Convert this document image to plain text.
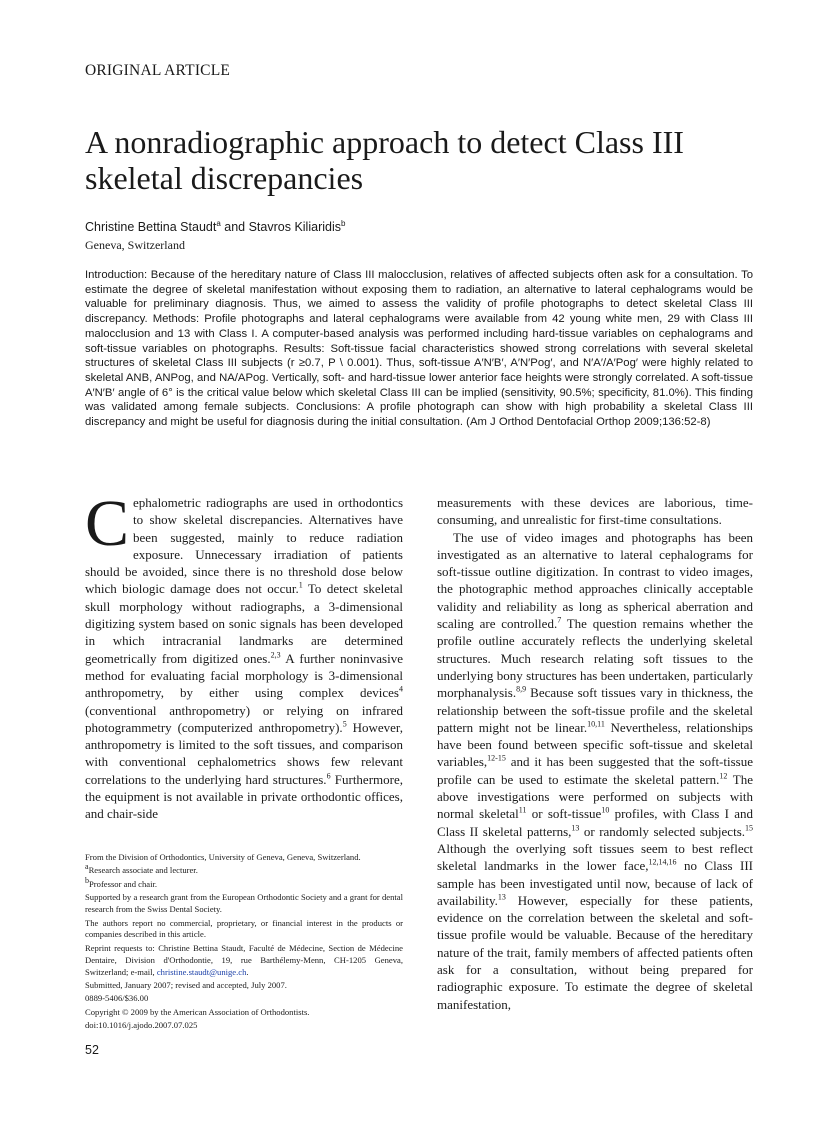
ORIGINAL ARTICLE
A nonradiographic approach to detect Class III
skeletal discrepancies
Christine Bettina Staudt$^a$ and Stavros Kiliaridis$^b$
Geneva, Switzerland
Introduction: Because of the hereditary nature of Class III malocclusion, relatives of affected subjects often ask for a consultation. To estimate the degree of skeletal manifestation without exposing them to radiation, an alternative to lateral cephalograms would be valuable for preliminary diagnosis. Thus, we aimed to assess the validity of profile photographs to detect skeletal Class III discrepancy. Methods: Profile photographs and lateral cephalograms were available from 42 young white men, 29 with Class III malocclusion and 13 with Class I. A computer-based analysis was performed including hard-tissue variables on cephalograms and soft-tissue variables on photographs. Results: Soft-tissue facial characteristics showed strong correlations with several skeletal structures of skeletal Class III subjects (r ≥0.7, P \ 0.001). Thus, soft-tissue A′N′B′, A′N′Pog′, and N′A′/A′Pog′ were highly related to skeletal ANB, ANPog, and NA/APog. Vertically, soft- and hard-tissue lower anterior face heights were strongly correlated. A soft-tissue A′N′B′ angle of 6° is the critical value below which skeletal Class III can be implied (sensitivity, 90.5%; specificity, 81.0%). This finding was validated among female subjects. Conclusions: A profile photograph can show with high probability a skeletal Class III discrepancy and might be useful for diagnosis during the initial consultation. (Am J Orthod Dentofacial Orthop 2009;136:52-8)

Cephalometric radiographs are used in orthodontics to show skeletal discrepancies. Alternatives have been suggested, mainly to reduce radiation exposure. Unnecessary irradiation of patients should be avoided, since there is no threshold dose below which biologic damage does not occur.$^1$ To detect skeletal skull morphology without radiographs, a 3-dimensional digitizing system based on sonic signals has been developed in which intracranial landmarks are determined geometrically from digitized ones.$^{2,3}$ A further noninvasive method for evaluating facial morphology is 3-dimensional anthropometry, by either using complex devices$^4$ (conventional anthropometry) or relying on infrared photogrammetry (computerized anthropometry).$^5$ However, anthropometry is limited to the soft tissues, and comparison with conventional cephalometrics shows few relevant correlations to the underlying hard structures.$^6$ Furthermore, the equipment is not available in private orthodontic offices, and chair-side

measurements with these devices are laborious, time-consuming, and unrealistic for first-time consultations.

The use of video images and photographs has been investigated as an alternative to lateral cephalograms for soft-tissue outline digitization. In contrast to video images, the photographic method approaches clinically acceptable validity and reliability as long as spherical aberration and scaling are controlled.$^7$ The question remains whether the profile outline accurately reflects the underlying skeletal structures. Much research relating soft tissues to the underlying bony structures has been undertaken, particularly morphanalysis.$^{8,9}$ Because soft tissues vary in thickness, the relationship between the soft-tissue profile and the skeletal pattern might not be linear.$^{10,11}$ Nevertheless, relationships have been found between specific soft-tissue and skeletal variables,$^{12-15}$ and it has been suggested that the soft-tissue profile can be used to estimate the skeletal pattern.$^{12}$ The above investigations were performed on subjects with normal skeletal$^{11}$ or soft-tissue$^{10}$ profiles, with Class I and Class II skeletal patterns,$^{13}$ or randomly selected subjects.$^{15}$ Although the overlying soft tissues seem to best reflect skeletal landmarks in the lower face,$^{12,14,16}$ no Class III sample has been investigated until now, because of lack of availability.$^{13}$ However, especially for these patients, evidence on the correlation between the skeletal and soft-tissue profile would be valuable. Because of the hereditary nature of the trait, family members of affected patients often ask for a consultation, without being prepared for radiographic exposure. To estimate the degree of skeletal manifestation,

From the Division of Orthodontics, University of Geneva, Geneva, Switzerland.

$^a$Research associate and lecturer.

$^b$Professor and chair.

Supported by a research grant from the European Orthodontic Society and a grant for dental research from the Swiss Dental Society.

The authors report no commercial, proprietary, or financial interest in the products or companies described in this article.

Reprint requests to: Christine Bettina Staudt, Faculté de Médecine, Section de Médecine Dentaire, Division d'Orthodontie, 19, rue Barthélemy-Menn, CH-1205 Geneva, Switzerland; e-mail, christine.staudt@unige.ch.

Submitted, January 2007; revised and accepted, July 2007.

0889-5406/$36.00

Copyright © 2009 by the American Association of Orthodontists.

doi:10.1016/j.ajodo.2007.07.025

52
